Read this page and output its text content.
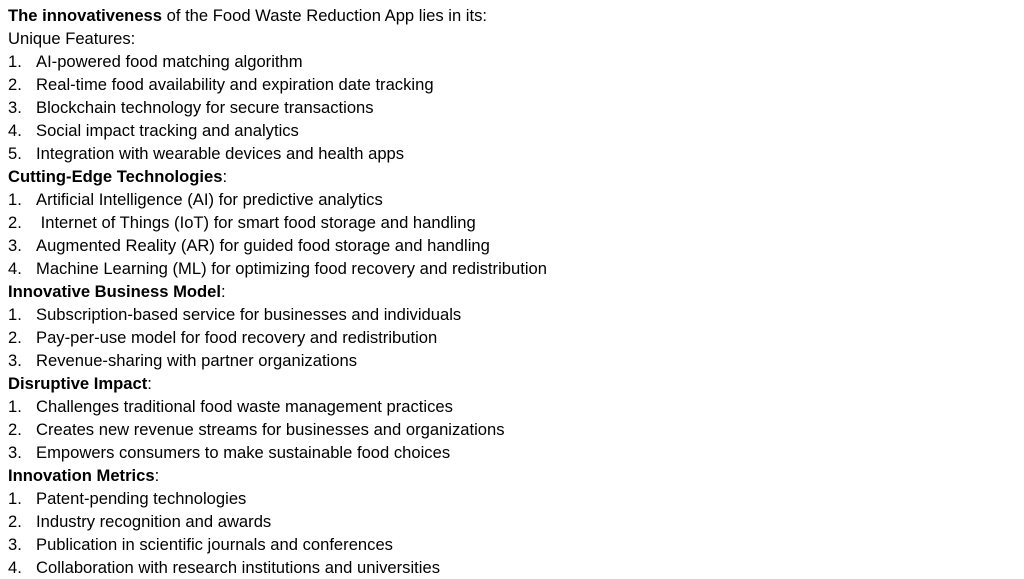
The innovativeness of the Food Waste Reduction App lies in its:
Unique Features:
1. AI-powered food matching algorithm
2. Real-time food availability and expiration date tracking
3. Blockchain technology for secure transactions
4. Social impact tracking and analytics
5. Integration with wearable devices and health apps
Cutting-Edge Technologies:
1. Artificial Intelligence (AI) for predictive analytics
2. Internet of Things (IoT) for smart food storage and handling
3. Augmented Reality (AR) for guided food storage and handling
4. Machine Learning (ML) for optimizing food recovery and redistribution
Innovative Business Model:
1. Subscription-based service for businesses and individuals
2. Pay-per-use model for food recovery and redistribution
3. Revenue-sharing with partner organizations
Disruptive Impact:
1. Challenges traditional food waste management practices
2. Creates new revenue streams for businesses and organizations
3. Empowers consumers to make sustainable food choices
Innovation Metrics:
1. Patent-pending technologies
2. Industry recognition and awards
3. Publication in scientific journals and conferences
4. Collaboration with research institutions and universities
